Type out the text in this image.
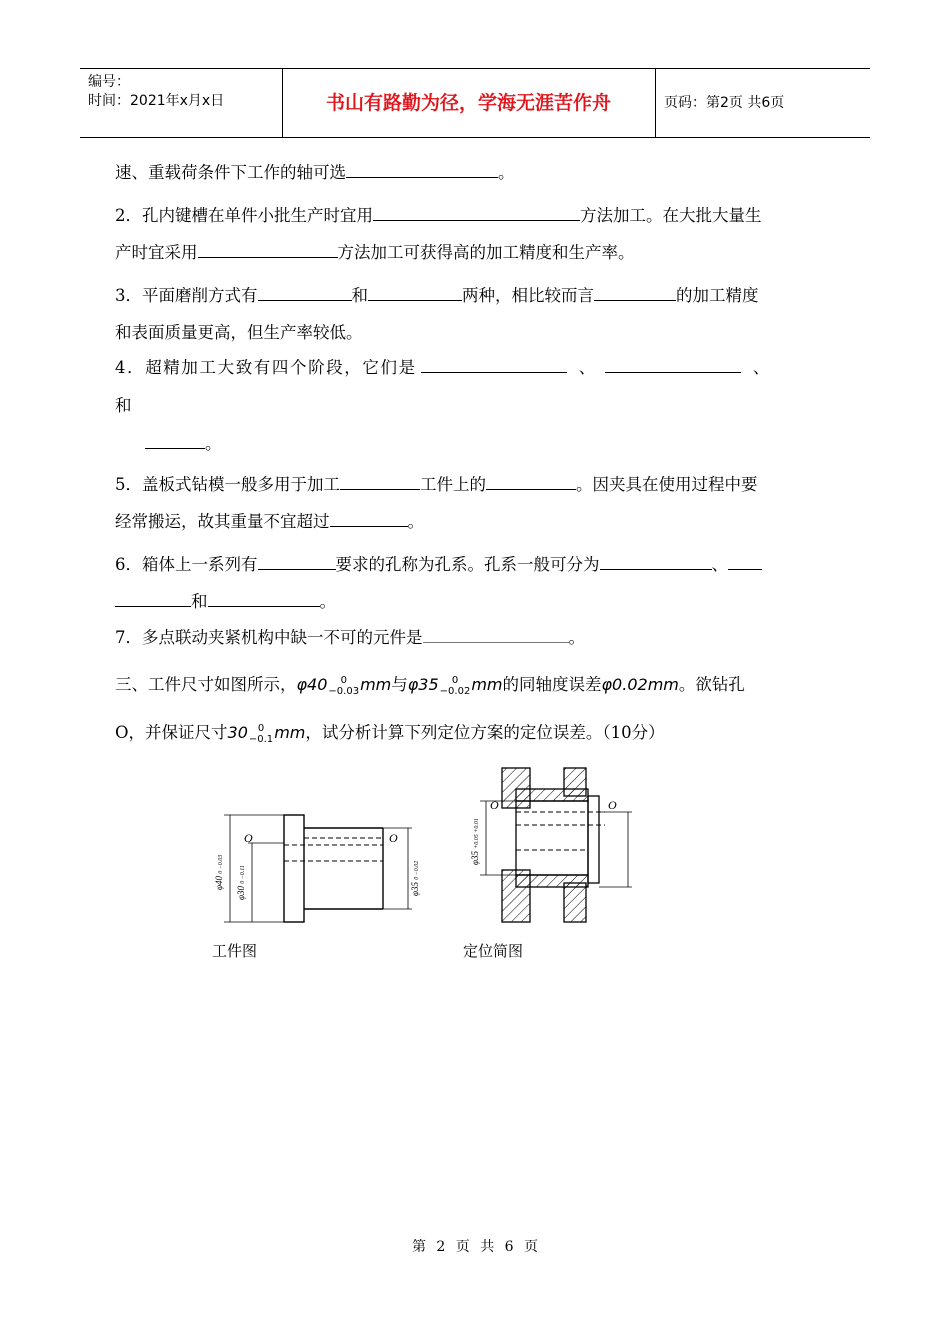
编号：
时间：2021年x月x日	书山有路勤为径，学海无涯苦作舟	页码：第2页 共6页
速、重载荷条件下工作的轴可选	。
2．孔内键槽在单件小批生产时宜用	方法加工。在大批大量生
产时宜采用	方法加工可获得高的加工精度和生产率。
3．平面磨削方式有	和	两种，相比较而言	的加工精度
和表面质量更高，但生产率较低。
4．超精加工大致有四个阶段，它们是	、	、
和
。
5．盖板式钻模一般多用于加工	工件上的	。因夹具在使用过程中要
经常搬运，故其重量不宜超过	。
6．箱体上一系列有	要求的孔称为孔系。孔系一般可分为	、
和	。
7．多点联动夹紧机构中缺一不可的元件是	。
三、工件尺寸如图所示，φ40	0
−0.03 mm与φ35	0
−0.02 mm的同轴度误差φ0.02mm。欲钻孔
O，并保证尺寸30 0
−0.1 mm，试分析计算下列定位方案的定位误差。（10分）
O	O
φ40 0 −0.03
φ30 0 −0.11
φ35 0 −0.02
O	O
φ35 +0.05 +0.01
工件图	定位简图
第 2 页 共 6 页
